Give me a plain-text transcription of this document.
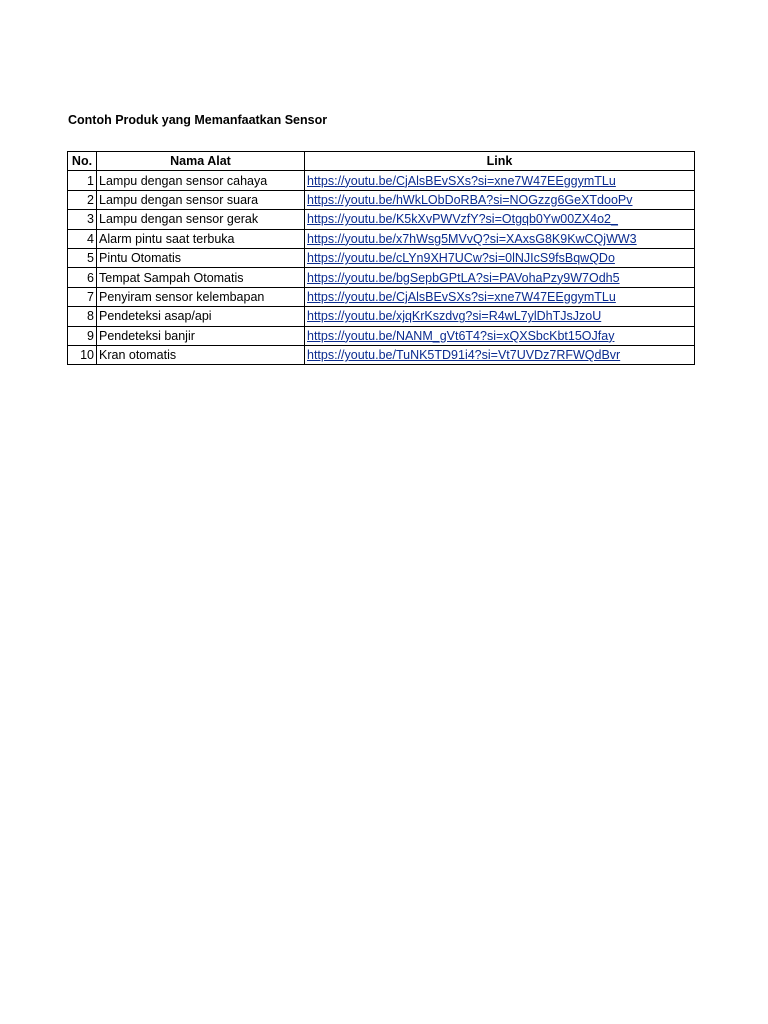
Contoh Produk yang Memanfaatkan Sensor
No.	Nama Alat	Link
1	Lampu dengan sensor cahaya	https://youtu.be/CjAlsBEvSXs?si=xne7W47EEggymTLu
2	Lampu dengan sensor suara	https://youtu.be/hWkLObDoRBA?si=NOGzzg6GeXTdooPv
3	Lampu dengan sensor gerak	https://youtu.be/K5kXvPWVzfY?si=Otgqb0Yw00ZX4o2_
4	Alarm pintu saat terbuka	https://youtu.be/x7hWsg5MVvQ?si=XAxsG8K9KwCQjWW3
5	Pintu Otomatis	https://youtu.be/cLYn9XH7UCw?si=0lNJIcS9fsBqwQDo
6	Tempat Sampah Otomatis	https://youtu.be/bgSepbGPtLA?si=PAVohaPzy9W7Odh5
7	Penyiram sensor kelembapan	https://youtu.be/CjAlsBEvSXs?si=xne7W47EEggymTLu
8	Pendeteksi asap/api	https://youtu.be/xjqKrKszdvg?si=R4wL7ylDhTJsJzoU
9	Pendeteksi banjir	https://youtu.be/NANM_gVt6T4?si=xQXSbcKbt15OJfay
10	Kran otomatis	https://youtu.be/TuNK5TD91i4?si=Vt7UVDz7RFWQdBvr
